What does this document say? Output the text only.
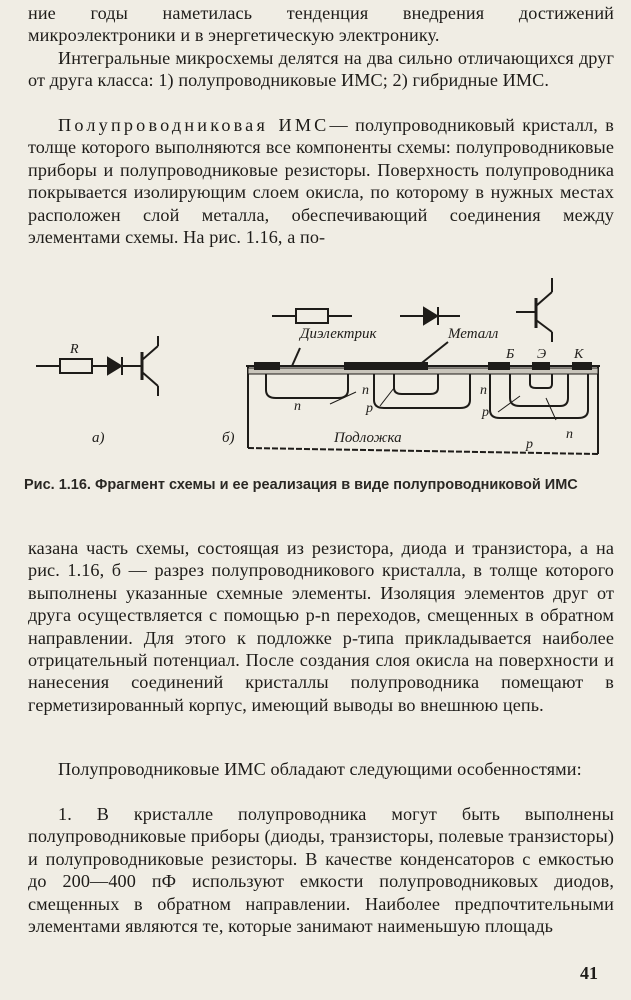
ние годы наметилась тенденция внедрения достижений микроэлектроники и в энергетическую электронику.

Интегральные микросхемы делятся на два сильно отличающихся друг от друга класса: 1) полупроводниковые ИМС; 2) гибридные ИМС.

Полупроводниковая ИМС— полупроводниковый кристалл, в толще которого выполняются все компоненты схемы: полупроводниковые приборы и полупроводниковые резисторы. Поверхность полупроводника покрывается изолирующим слоем окисла, по которому в нужных местах расположен слой металла, обеспечивающий соединения между элементами схемы. На рис. 1.16, а по-

R
а)
Диэлектрик	Металл
Б Э К
n
n
p
n
p
n
p
Подложка
б)
Рис. 1.16. Фрагмент схемы и ее реализация в виде полупроводниковой ИМС

казана часть схемы, состоящая из резистора, диода и транзистора, а на рис. 1.16, б — разрез полупроводникового кристалла, в толще которого выполнены указанные схемные элементы. Изоляция элементов друг от друга осуществляется с помощью p-n переходов, смещенных в обратном направлении. Для этого к подложке p-типа прикладывается наиболее отрицательный потенциал. После создания слоя окисла на поверхности и нанесения соединений кристаллы полупроводника помещают в герметизированный корпус, имеющий выводы во внешнюю цепь.

Полупроводниковые ИМС обладают следующими особенностями:

1. В кристалле полупроводника могут быть выполнены полупроводниковые приборы (диоды, транзисторы, полевые транзисторы) и полупроводниковые резисторы. В качестве конденсаторов с емкостью до 200—400 пФ используют емкости полупроводниковых диодов, смещенных в обратном направлении. Наиболее предпочтительными элементами являются те, которые занимают наименьшую площадь

41
